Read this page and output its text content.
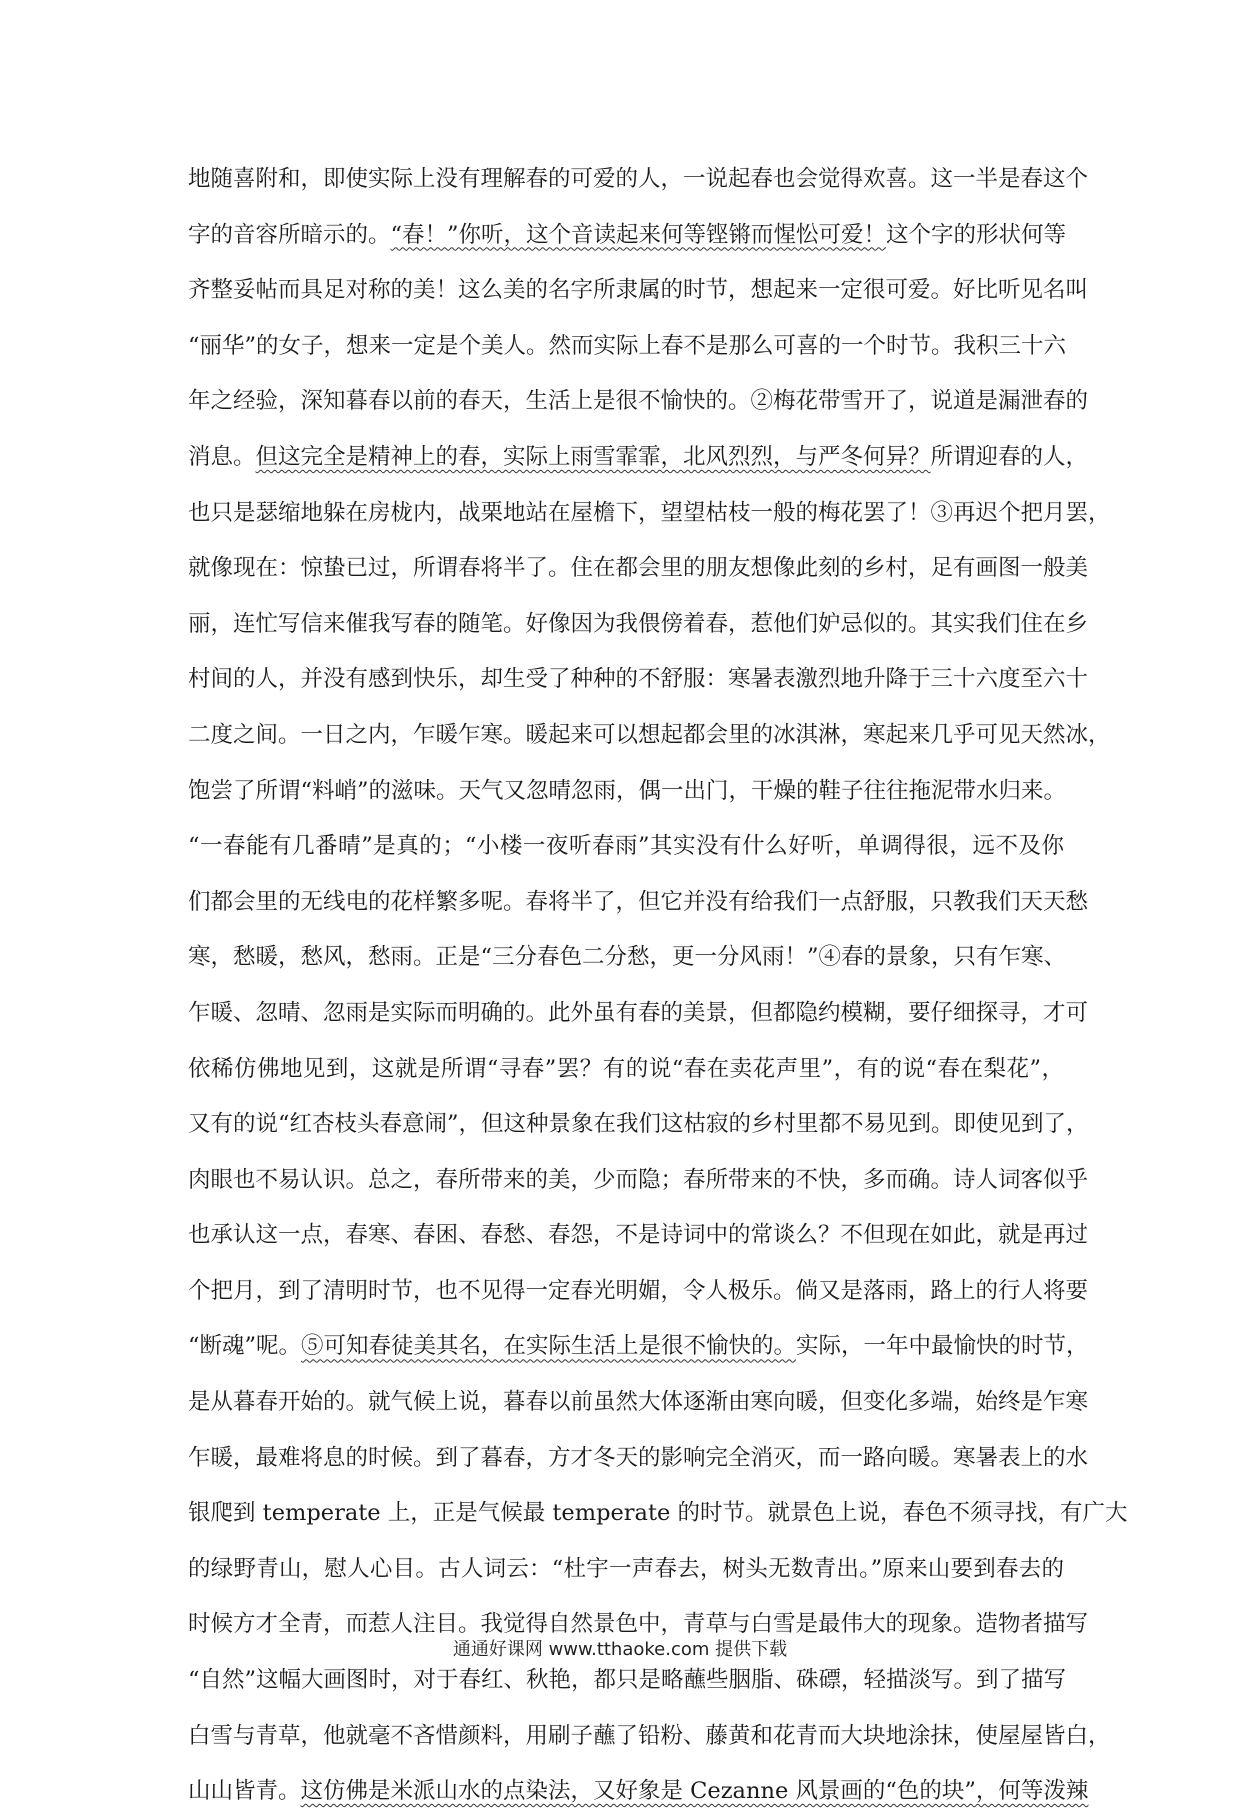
地随喜附和，即使实际上没有理解春的可爱的人，一说起春也会觉得欢喜。这一半是春这个
字的音容所暗示的。“春！”你听，这个音读起来何等铿锵而惺忪可爱！这个字的形状何等
齐整妥帖而具足对称的美！这么美的名字所隶属的时节，想起来一定很可爱。好比听见名叫
“丽华”的女子，想来一定是个美人。然而实际上春不是那么可喜的一个时节。我积三十六
年之经验，深知暮春以前的春天，生活上是很不愉快的。②梅花带雪开了，说道是漏泄春的
消息。但这完全是精神上的春，实际上雨雪霏霏，北风烈烈，与严冬何异？所谓迎春的人，
也只是瑟缩地躲在房栊内，战栗地站在屋檐下，望望枯枝一般的梅花罢了！③再迟个把月罢，
就像现在：惊蛰已过，所谓春将半了。住在都会里的朋友想像此刻的乡村，足有画图一般美
丽，连忙写信来催我写春的随笔。好像因为我偎傍着春，惹他们妒忌似的。其实我们住在乡
村间的人，并没有感到快乐，却生受了种种的不舒服：寒暑表激烈地升降于三十六度至六十
二度之间。一日之内，乍暖乍寒。暖起来可以想起都会里的冰淇淋，寒起来几乎可见天然冰，
饱尝了所谓“料峭”的滋味。天气又忽晴忽雨，偶一出门，干燥的鞋子往往拖泥带水归来。
“一春能有几番晴”是真的；“小楼一夜听春雨”其实没有什么好听，单调得很，远不及你
们都会里的无线电的花样繁多呢。春将半了，但它并没有给我们一点舒服，只教我们天天愁
寒，愁暖，愁风，愁雨。正是“三分春色二分愁，更一分风雨！”④春的景象，只有乍寒、
乍暖、忽晴、忽雨是实际而明确的。此外虽有春的美景，但都隐约模糊，要仔细探寻，才可
依稀仿佛地见到，这就是所谓“寻春”罢？有的说“春在卖花声里”，有的说“春在梨花”，
又有的说“红杏枝头春意闹”，但这种景象在我们这枯寂的乡村里都不易见到。即使见到了，
肉眼也不易认识。总之，春所带来的美，少而隐；春所带来的不快，多而确。诗人词客似乎
也承认这一点，春寒、春困、春愁、春怨，不是诗词中的常谈么？不但现在如此，就是再过
个把月，到了清明时节，也不见得一定春光明媚，令人极乐。倘又是落雨，路上的行人将要
“断魂”呢。⑤可知春徒美其名，在实际生活上是很不愉快的。实际，一年中最愉快的时节，
是从暮春开始的。就气候上说，暮春以前虽然大体逐渐由寒向暖，但变化多端，始终是乍寒
乍暖，最难将息的时候。到了暮春，方才冬天的影响完全消灭，而一路向暖。寒暑表上的水
银爬到 temperate 上，正是气候最 temperate 的时节。就景色上说，春色不须寻找，有广大
的绿野青山，慰人心目。古人词云：“杜宇一声春去，树头无数青出。”原来山要到春去的
时候方才全青，而惹人注目。我觉得自然景色中，青草与白雪是最伟大的现象。造物者描写
“自然”这幅大画图时，对于春红、秋艳，都只是略蘸些胭脂、硃磦，轻描淡写。到了描写
白雪与青草，他就毫不吝惜颜料，用刷子蘸了铅粉、藤黄和花青而大块地涂抹，使屋屋皆白，
山山皆青。这仿佛是米派山水的点染法，又好象是 Cezanne 风景画的“色的块”，何等泼辣
通通好课网 www.tthaoke.com 提供下载
